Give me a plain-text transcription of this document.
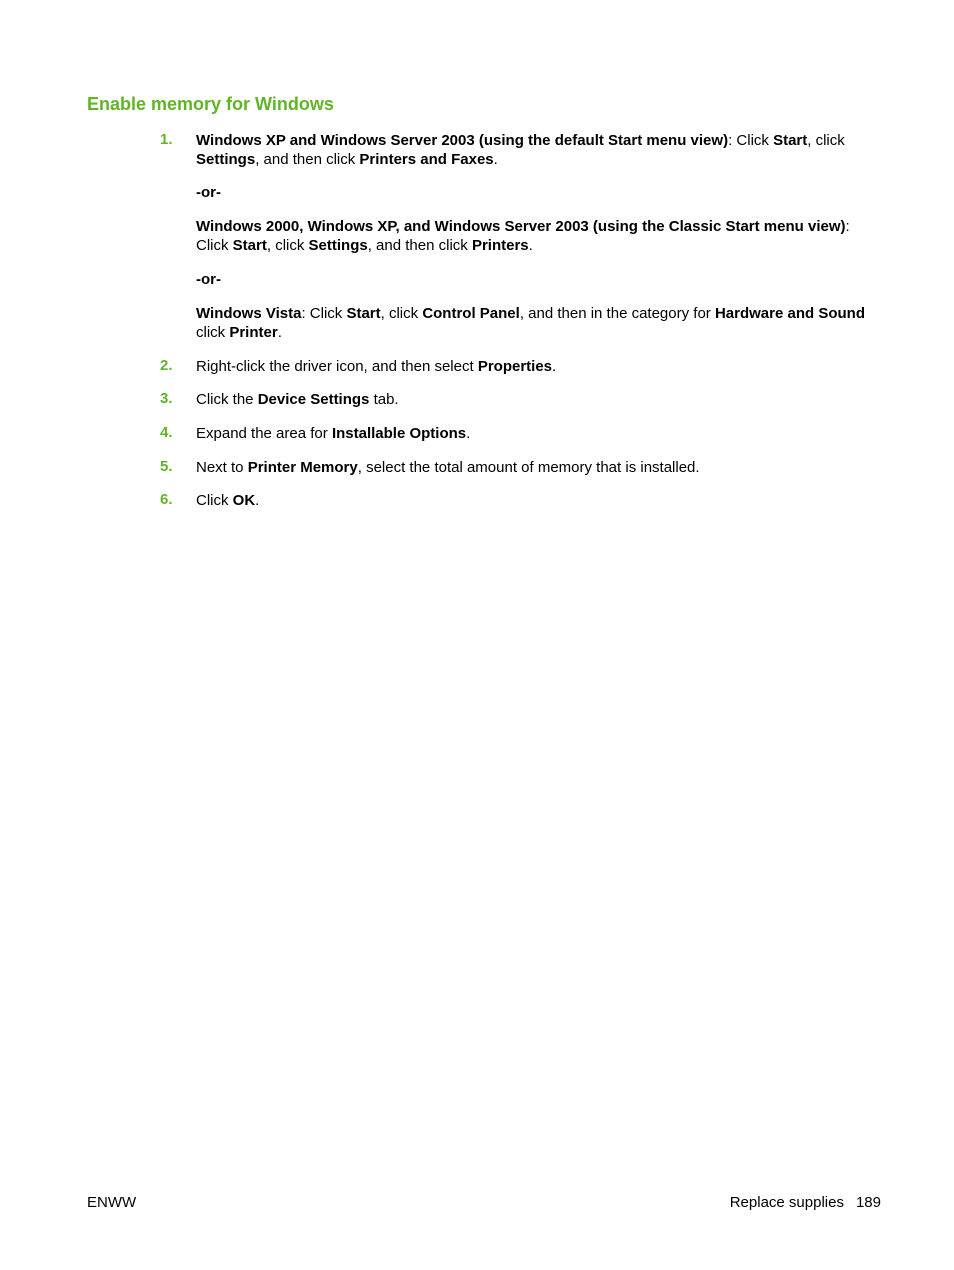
Enable memory for Windows
1. Windows XP and Windows Server 2003 (using the default Start menu view): Click Start, click Settings, and then click Printers and Faxes.
-or-
Windows 2000, Windows XP, and Windows Server 2003 (using the Classic Start menu view): Click Start, click Settings, and then click Printers.
-or-
Windows Vista: Click Start, click Control Panel, and then in the category for Hardware and Sound click Printer.
2. Right-click the driver icon, and then select Properties.
3. Click the Device Settings tab.
4. Expand the area for Installable Options.
5. Next to Printer Memory, select the total amount of memory that is installed.
6. Click OK.
ENWW	Replace supplies 189
